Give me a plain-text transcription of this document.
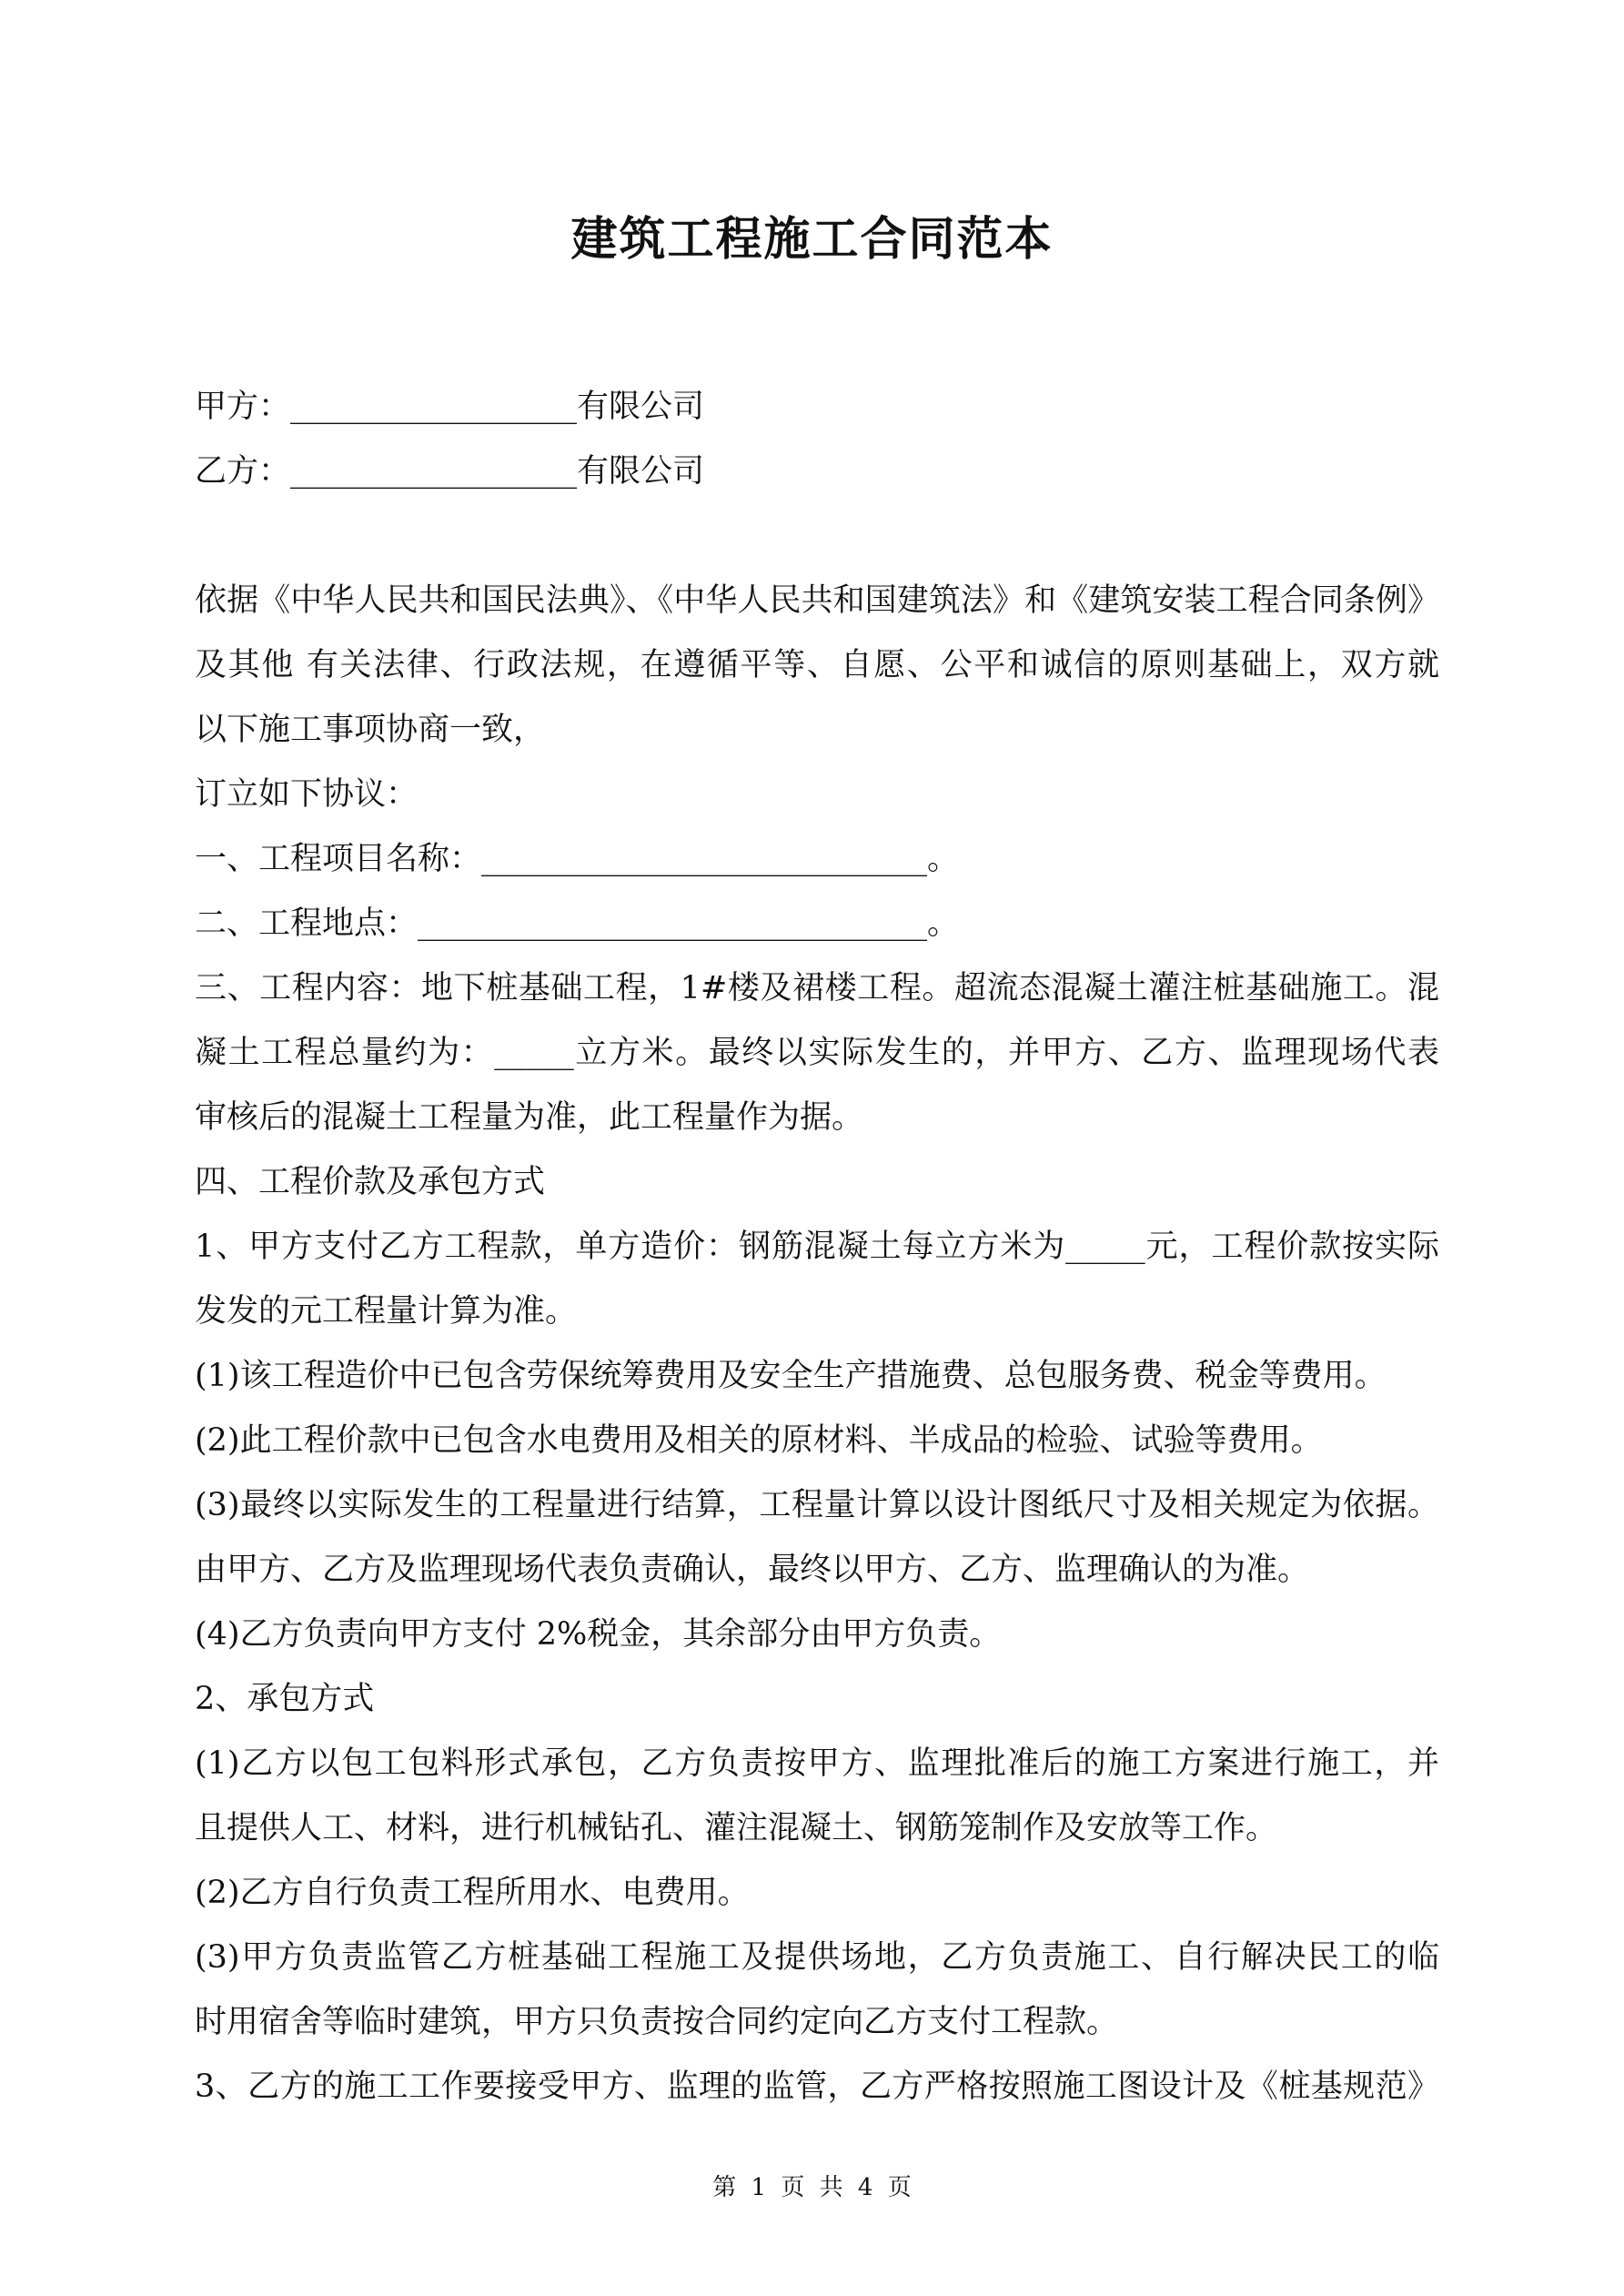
建筑工程施工合同范本
甲方：__________________有限公司
乙方：__________________有限公司
依据《中华人民共和国民法典》、《中华人民共和国建筑法》和《建筑安装工程合同条例》
及其他 有关法律、行政法规，在遵循平等、自愿、公平和诚信的原则基础上，双方就
以下施工事项协商一致，
订立如下协议：
一、工程项目名称：____________________________。
二、工程地点：________________________________。
三、工程内容：地下桩基础工程，1#楼及裙楼工程。超流态混凝土灌注桩基础施工。混
凝土工程总量约为：_____立方米。最终以实际发生的，并甲方、乙方、监理现场代表
审核后的混凝土工程量为准，此工程量作为据。
四、工程价款及承包方式
1、甲方支付乙方工程款，单方造价：钢筋混凝土每立方米为_____元，工程价款按实际
发发的元工程量计算为准。
(1)该工程造价中已包含劳保统筹费用及安全生产措施费、总包服务费、税金等费用。
(2)此工程价款中已包含水电费用及相关的原材料、半成品的检验、试验等费用。
(3)最终以实际发生的工程量进行结算，工程量计算以设计图纸尺寸及相关规定为依据。
由甲方、乙方及监理现场代表负责确认，最终以甲方、乙方、监理确认的为准。
(4)乙方负责向甲方支付 2%税金，其余部分由甲方负责。
2、承包方式
(1)乙方以包工包料形式承包，乙方负责按甲方、监理批准后的施工方案进行施工，并
且提供人工、材料，进行机械钻孔、灌注混凝土、钢筋笼制作及安放等工作。
(2)乙方自行负责工程所用水、电费用。
(3)甲方负责监管乙方桩基础工程施工及提供场地，乙方负责施工、自行解决民工的临
时用宿舍等临时建筑，甲方只负责按合同约定向乙方支付工程款。
3、乙方的施工工作要接受甲方、监理的监管，乙方严格按照施工图设计及《桩基规范》
第 1 页 共 4 页
